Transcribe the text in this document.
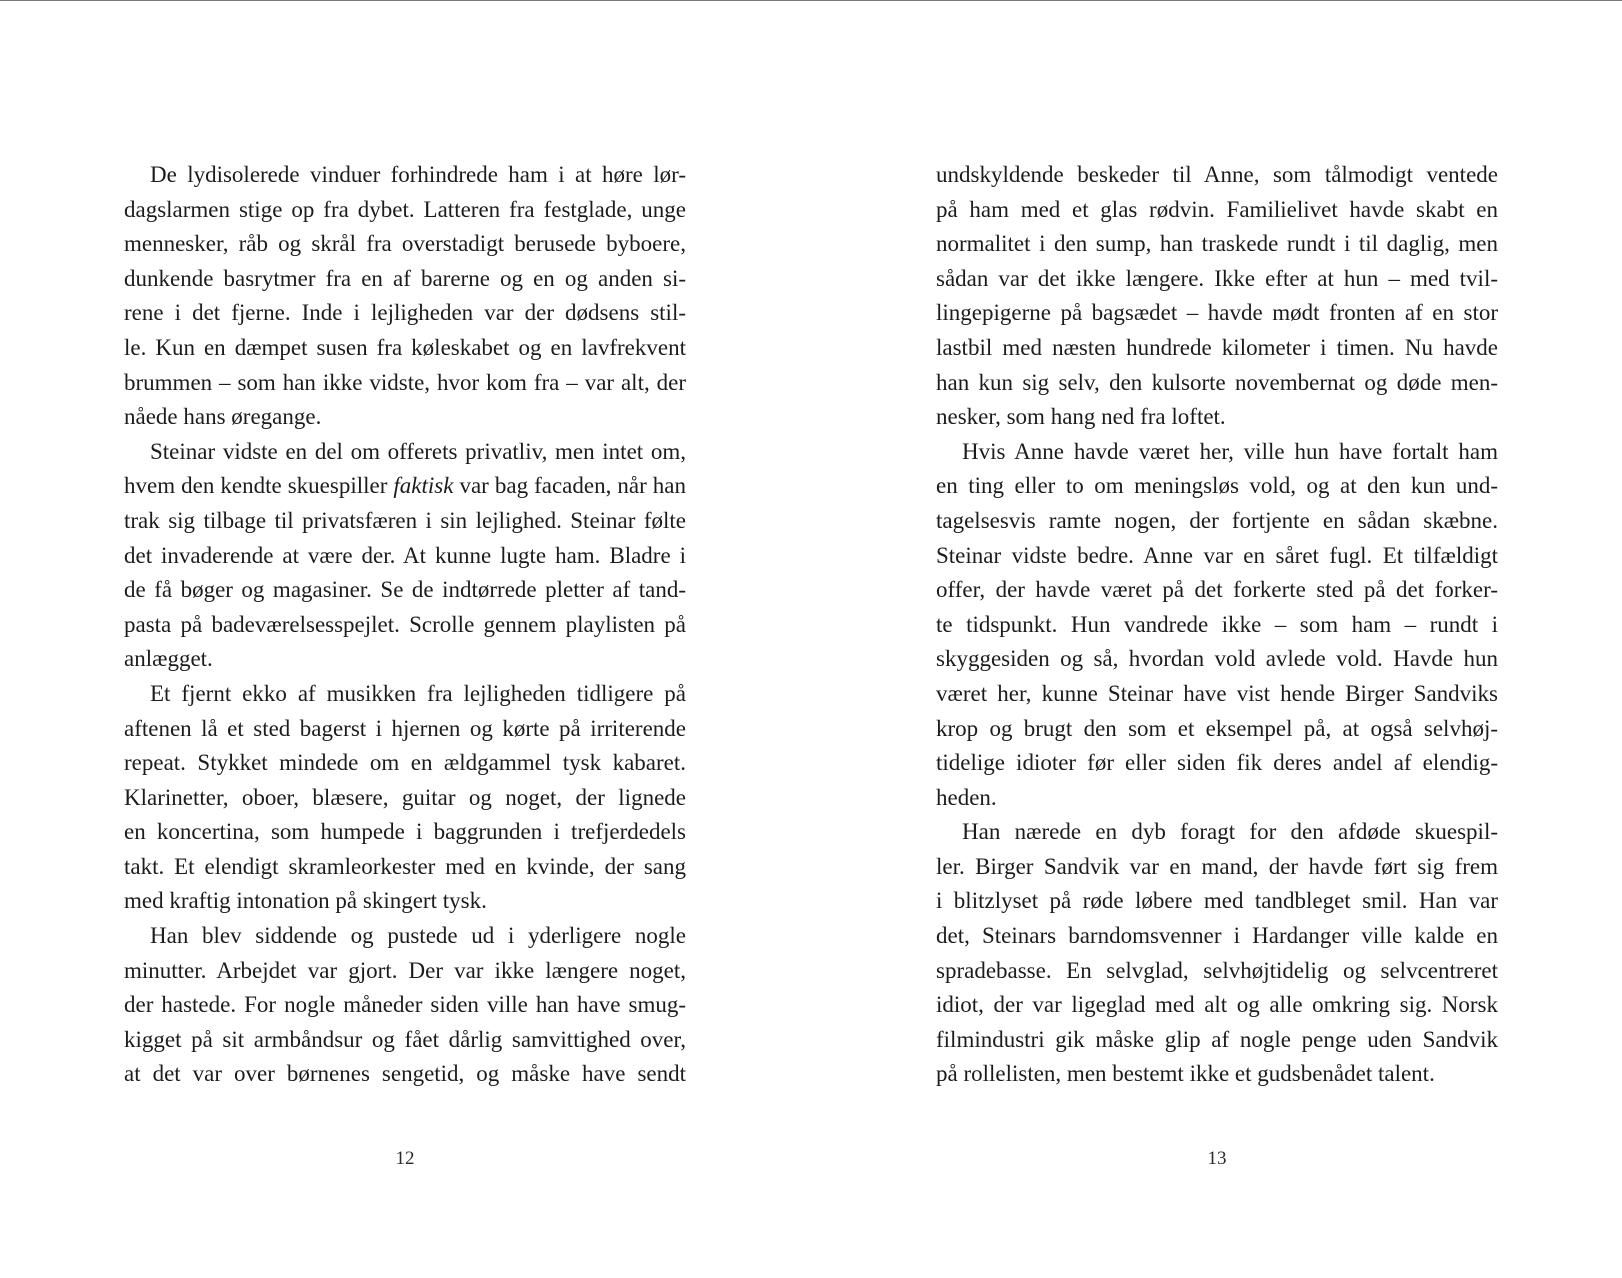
De lydisolerede vinduer forhindrede ham i at høre lør-
dagslarmen stige op fra dybet. Latteren fra festglade, unge
mennesker, råb og skrål fra overstadigt berusede byboere,
dunkende basrytmer fra en af barerne og en og anden si-
rene i det fjerne. Inde i lejligheden var der dødsens stil-
le. Kun en dæmpet susen fra køleskabet og en lavfrekvent
brummen – som han ikke vidste, hvor kom fra – var alt, der
nåede hans øregange.

Steinar vidste en del om offerets privatliv, men intet om,
hvem den kendte skuespiller faktisk var bag facaden, når han
trak sig tilbage til privatsfæren i sin lejlighed. Steinar følte
det invaderende at være der. At kunne lugte ham. Bladre i
de få bøger og magasiner. Se de indtørrede pletter af tand-
pasta på badeværelsesspejlet. Scrolle gennem playlisten på
anlægget.

Et fjernt ekko af musikken fra lejligheden tidligere på
aftenen lå et sted bagerst i hjernen og kørte på irriterende
repeat. Stykket mindede om en ældgammel tysk kabaret.
Klarinetter, oboer, blæsere, guitar og noget, der lignede
en koncertina, som humpede i baggrunden i trefjerdedels
takt. Et elendigt skramleorkester med en kvinde, der sang
med kraftig intonation på skingert tysk.

Han blev siddende og pustede ud i yderligere nogle
minutter. Arbejdet var gjort. Der var ikke længere noget,
der hastede. For nogle måneder siden ville han have smug-
kigget på sit armbåndsur og fået dårlig samvittighed over,
at det var over børnenes sengetid, og måske have sendt

12

undskyldende beskeder til Anne, som tålmodigt ventede
på ham med et glas rødvin. Familielivet havde skabt en
normalitet i den sump, han traskede rundt i til daglig, men
sådan var det ikke længere. Ikke efter at hun – med tvil-
lingepigerne på bagsædet – havde mødt fronten af en stor
lastbil med næsten hundrede kilometer i timen. Nu havde
han kun sig selv, den kulsorte novembernat og døde men-
nesker, som hang ned fra loftet.

Hvis Anne havde været her, ville hun have fortalt ham
en ting eller to om meningsløs vold, og at den kun und-
tagelsesvis ramte nogen, der fortjente en sådan skæbne.
Steinar vidste bedre. Anne var en såret fugl. Et tilfældigt
offer, der havde været på det forkerte sted på det forker-
te tidspunkt. Hun vandrede ikke – som ham – rundt i
skyggesiden og så, hvordan vold avlede vold. Havde hun
været her, kunne Steinar have vist hende Birger Sandviks
krop og brugt den som et eksempel på, at også selvhøj-
tidelige idioter før eller siden fik deres andel af elendig-
heden.

Han nærede en dyb foragt for den afdøde skuespil-
ler. Birger Sandvik var en mand, der havde ført sig frem
i blitzlyset på røde løbere med tandbleget smil. Han var
det, Steinars barndomsvenner i Hardanger ville kalde en
spradebasse. En selvglad, selvhøjtidelig og selvcentreret
idiot, der var ligeglad med alt og alle omkring sig. Norsk
filmindustri gik måske glip af nogle penge uden Sandvik
på rollelisten, men bestemt ikke et gudsbenådet talent.

13
